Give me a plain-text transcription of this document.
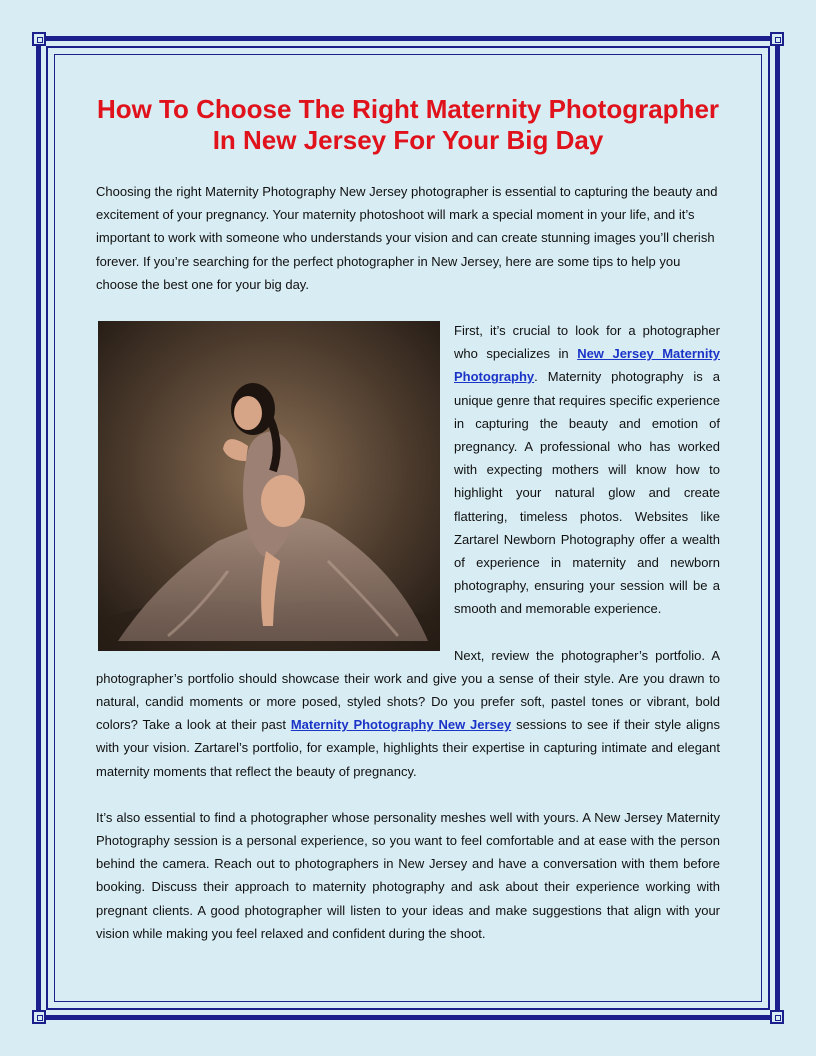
How To Choose The Right Maternity Photographer In New Jersey For Your Big Day

Choosing the right Maternity Photography New Jersey photographer is essential to capturing the beauty and excitement of your pregnancy. Your maternity photoshoot will mark a special moment in your life, and it’s important to work with someone who understands your vision and can create stunning images you’ll cherish forever. If you’re searching for the perfect photographer in New Jersey, here are some tips to help you choose the best one for your big day.

First, it’s crucial to look for a photographer who specializes in New Jersey Maternity Photography. Maternity photography is a unique genre that requires specific experience in capturing the beauty and emotion of pregnancy. A professional who has worked with expecting mothers will know how to highlight your natural glow and create flattering, timeless photos. Websites like Zartarel Newborn Photography offer a wealth of experience in maternity and newborn photography, ensuring your session will be a smooth and memorable experience.

Next, review the photographer’s portfolio. A photographer’s portfolio should showcase their work and give you a sense of their style. Are you drawn to natural, candid moments or more posed, styled shots? Do you prefer soft, pastel tones or vibrant, bold colors? Take a look at their past Maternity Photography New Jersey sessions to see if their style aligns with your vision. Zartarel’s portfolio, for example, highlights their expertise in capturing intimate and elegant maternity moments that reflect the beauty of pregnancy.

It’s also essential to find a photographer whose personality meshes well with yours. A New Jersey Maternity Photography session is a personal experience, so you want to feel comfortable and at ease with the person behind the camera. Reach out to photographers in New Jersey and have a conversation with them before booking. Discuss their approach to maternity photography and ask about their experience working with pregnant clients. A good photographer will listen to your ideas and make suggestions that align with your vision while making you feel relaxed and confident during the shoot.
